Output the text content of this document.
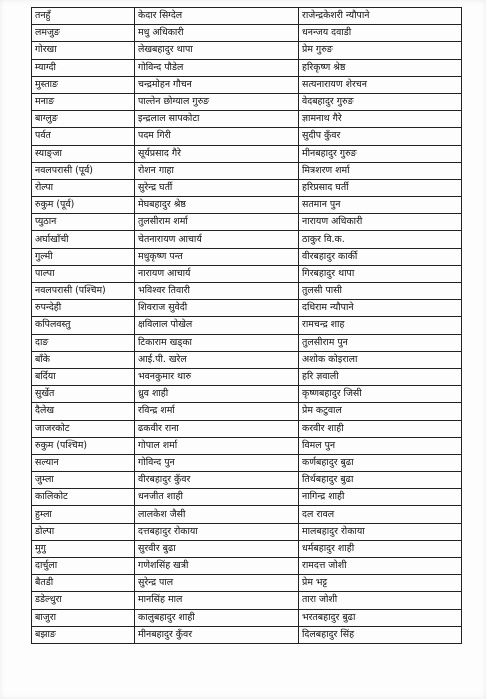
तनहुँ	केदार सिग्देल	राजेन्द्रकेशरी न्यौपाने
लमजुङ	मधु अधिकारी	धनन्जय दवाडी
गोरखा	लेखबहादुर थापा	प्रेम गुरुङ
म्याग्दी	गोविन्द पौडेल	हरिकृष्ण श्रेष्ठ
मुस्ताङ	चन्द्रमोहन गौचन	सत्यनारायण शेरचन
मनाङ	पाल्तेन छोग्याल गुरुङ	वेदबहादुर गुरुङ
बाग्लुङ	इन्द्रलाल सापकोटा	ज्ञामनाथ गैरे
पर्वत	पदम गिरी	सुदीप कुँवर
स्याङ्जा	सूर्यप्रसाद गैरे	मीनबहादुर गुरुङ
नवलपरासी (पूर्व)	रोशन गाहा	मित्रशरण शर्मा
रोल्पा	सुरेन्द्र घर्ती	हरिप्रसाद घर्ती
रुकुम (पूर्व)	मेघबहादुर श्रेष्ठ	सतमान पुन
प्युठान	तुलसीराम शर्मा	नारायण अधिकारी
अर्घाखाँची	चेतनारायण आचार्य	ठाकुर वि.क.
गुल्मी	मधुकृष्ण पन्त	वीरबहादुर कार्की
पाल्पा	नारायण आचार्य	गिरबहादुर थापा
नवलपरासी (पश्चिम)	भविश्वर तिवारी	तुलसी पासी
रुपन्देही	शिवराज सुवेदी	दधिराम न्यौपाने
कपिलवस्तु	क्षविलाल पोखेल	रामचन्द्र शाह
दाङ	टिकाराम खड्का	तुलसीराम पुन
बाँके	आई.पी. खरेल	अशोक कोइराला
बर्दिया	भवनकुमार थारु	हरि ज्ञवाली
सुर्खेत	ध्रुव शाही	कृष्णबहादुर जिसी
दैलेख	रविन्द्र शर्मा	प्रेम कटुवाल
जाजरकोट	ढकवीर राना	करवीर शाही
रुकुम (पश्चिम)	गोपाल शर्मा	विमल पुन
सल्यान	गोविन्द पुन	कर्णबहादुर बुढा
जुम्ला	वीरबहादुर कुँवर	तिर्थबहादुर बुढा
कालिकोट	धनजीत शाही	नागिन्द्र शाही
हुम्ला	लालकेश जैसी	दल रावल
डोल्पा	दत्तबहादुर रोकाया	मालबहादुर रोकाया
मुगु	सुरवीर बुढा	धर्मबहादुर शाही
दार्चुला	गणेशसिंह खत्री	रामदत्त जोशी
बैतडी	सुरेन्द्र पाल	प्रेम भट्ट
डडेल्धुरा	मानसिंह माल	तारा जोशी
बाजुरा	कालुबहादुर शाही	भरतबहादुर बुढा
बझाङ	मीनबहादुर कुँवर	दिलबहादुर सिंह
